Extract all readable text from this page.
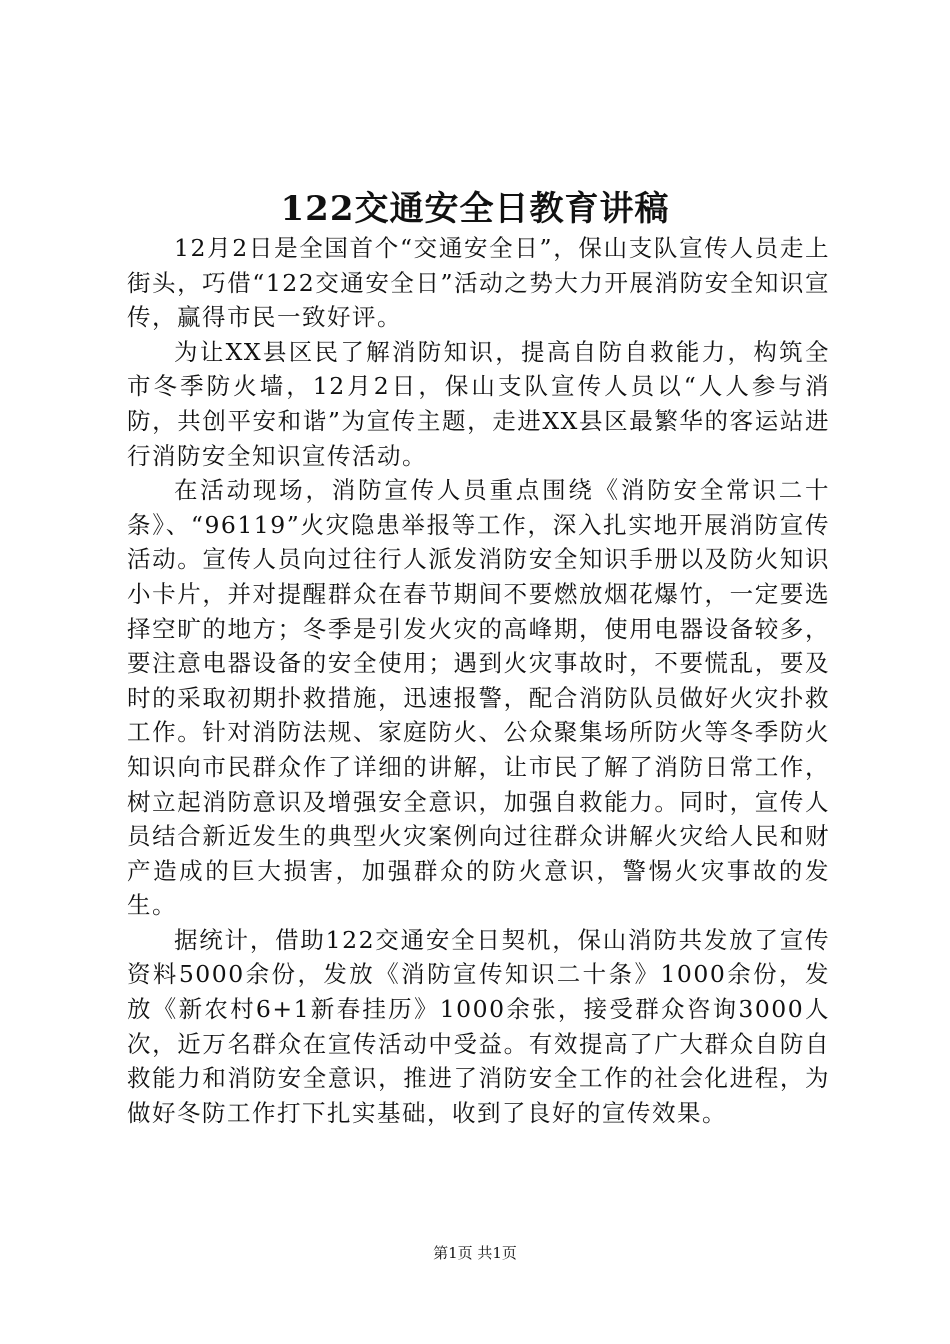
122交通安全日教育讲稿

12月2日是全国首个“交通安全日”，保山支队宣传人员走上街头，巧借“122交通安全日”活动之势大力开展消防安全知识宣传，赢得市民一致好评。

为让XX县区民了解消防知识，提高自防自救能力，构筑全市冬季防火墙，12月2日，保山支队宣传人员以“人人参与消防，共创平安和谐”为宣传主题，走进XX县区最繁华的客运站进行消防安全知识宣传活动。

在活动现场，消防宣传人员重点围绕《消防安全常识二十条》、“96119”火灾隐患举报等工作，深入扎实地开展消防宣传活动。宣传人员向过往行人派发消防安全知识手册以及防火知识小卡片，并对提醒群众在春节期间不要燃放烟花爆竹，一定要选择空旷的地方；冬季是引发火灾的高峰期，使用电器设备较多，要注意电器设备的安全使用；遇到火灾事故时，不要慌乱，要及时的采取初期扑救措施，迅速报警，配合消防队员做好火灾扑救工作。针对消防法规、家庭防火、公众聚集场所防火等冬季防火知识向市民群众作了详细的讲解，让市民了解了消防日常工作，树立起消防意识及增强安全意识，加强自救能力。同时，宣传人员结合新近发生的典型火灾案例向过往群众讲解火灾给人民和财产造成的巨大损害，加强群众的防火意识，警惕火灾事故的发生。

据统计，借助122交通安全日契机，保山消防共发放了宣传资料5000余份，发放《消防宣传知识二十条》1000余份，发放《新农村6+1新春挂历》1000余张，接受群众咨询3000人次，近万名群众在宣传活动中受益。有效提高了广大群众自防自救能力和消防安全意识，推进了消防安全工作的社会化进程，为做好冬防工作打下扎实基础，收到了良好的宣传效果。

第1页 共1页
